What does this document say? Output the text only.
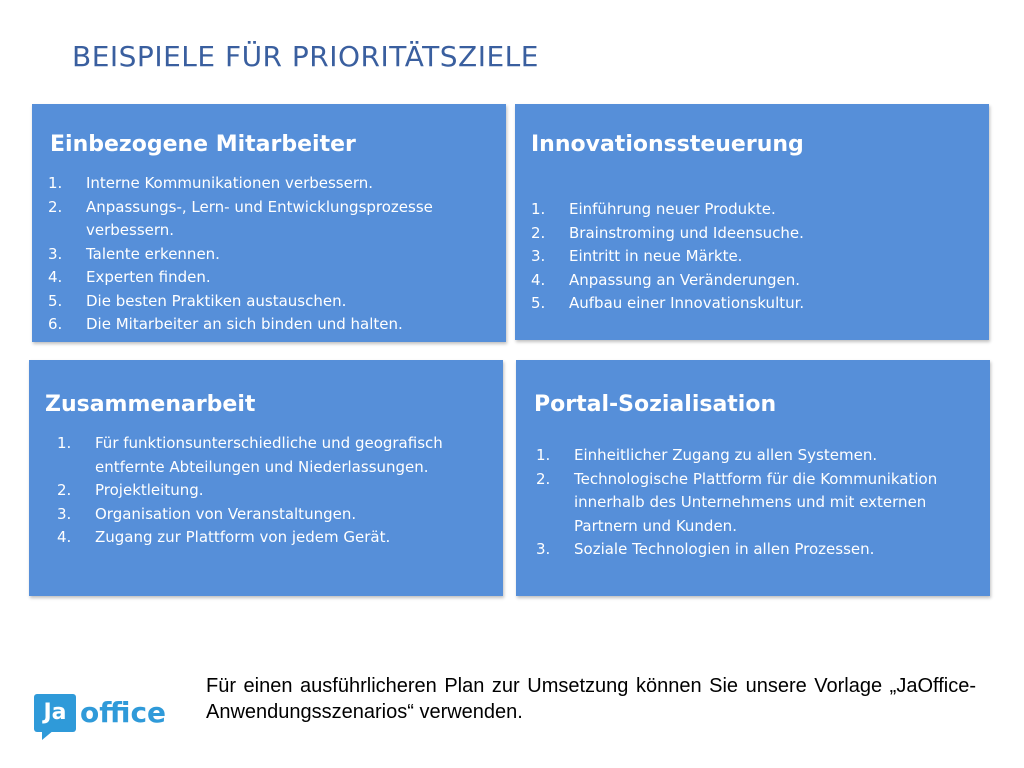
BEISPIELE FÜR PRIORITÄTSZIELE
Einbezogene Mitarbeiter
1. Interne Kommunikationen verbessern.
2. Anpassungs-, Lern- und Entwicklungsprozesse verbessern.
3. Talente erkennen.
4. Experten finden.
5. Die besten Praktiken austauschen.
6. Die Mitarbeiter an sich binden und halten.
Innovationssteuerung
1. Einführung neuer Produkte.
2. Brainstroming und Ideensuche.
3. Eintritt in neue Märkte.
4. Anpassung an Veränderungen.
5. Aufbau einer Innovationskultur.
Zusammenarbeit
1. Für funktionsunterschiedliche und geografisch entfernte Abteilungen und Niederlassungen.
2. Projektleitung.
3. Organisation von Veranstaltungen.
4. Zugang zur Plattform von jedem Gerät.
Portal-Sozialisation
1. Einheitlicher Zugang zu allen Systemen.
2. Technologische Plattform für die Kommunikation innerhalb des Unternehmens und mit externen Partnern und Kunden.
3. Soziale Technologien in allen Prozessen.
Ja office
Für einen ausführlicheren Plan zur Umsetzung können Sie unsere Vorlage „JaOffice-Anwendungsszenarios“ verwenden.
